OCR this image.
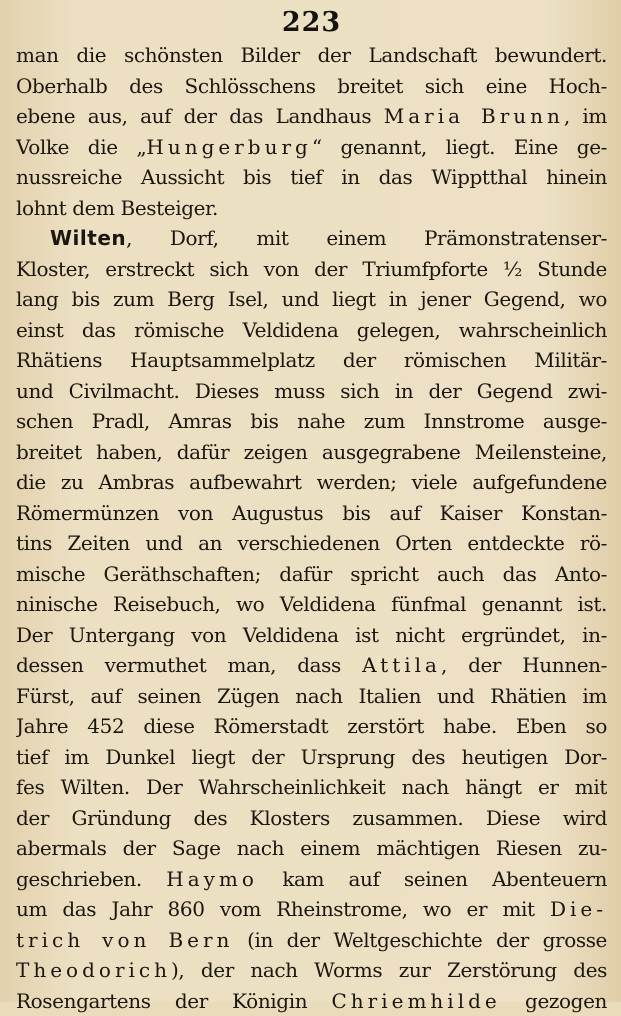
223
man die schönsten Bilder der Landschaft bewundert.
Oberhalb des Schlösschens breitet sich eine Hoch-
ebene aus, auf der das Landhaus Maria Brunn, im
Volke die „Hungerburg“ genannt, liegt. Eine ge-
nussreiche Aussicht bis tief in das Wipptthal hinein
lohnt dem Besteiger.
Wilten, Dorf, mit einem Prämonstratenser-
Kloster, erstreckt sich von der Triumfpforte ½ Stunde
lang bis zum Berg Isel, und liegt in jener Gegend, wo
einst das römische Veldidena gelegen, wahrscheinlich
Rhätiens Hauptsammelplatz der römischen Militär-
und Civilmacht. Dieses muss sich in der Gegend zwi-
schen Pradl, Amras bis nahe zum Innstrome ausge-
breitet haben, dafür zeigen ausgegrabene Meilensteine,
die zu Ambras aufbewahrt werden; viele aufgefundene
Römermünzen von Augustus bis auf Kaiser Konstan-
tins Zeiten und an verschiedenen Orten entdeckte rö-
mische Geräthschaften; dafür spricht auch das Anto-
ninische Reisebuch, wo Veldidena fünfmal genannt ist.
Der Untergang von Veldidena ist nicht ergründet, in-
dessen vermuthet man, dass Attila, der Hunnen-
Fürst, auf seinen Zügen nach Italien und Rhätien im
Jahre 452 diese Römerstadt zerstört habe. Eben so
tief im Dunkel liegt der Ursprung des heutigen Dor-
fes Wilten. Der Wahrscheinlichkeit nach hängt er mit
der Gründung des Klosters zusammen. Diese wird
abermals der Sage nach einem mächtigen Riesen zu-
geschrieben. Haymo kam auf seinen Abenteuern
um das Jahr 860 vom Rheinstrome, wo er mit Die-
trich von Bern (in der Weltgeschichte der grosse
Theodorich), der nach Worms zur Zerstörung des
Rosengartens der Königin Chriemhilde gezogen
